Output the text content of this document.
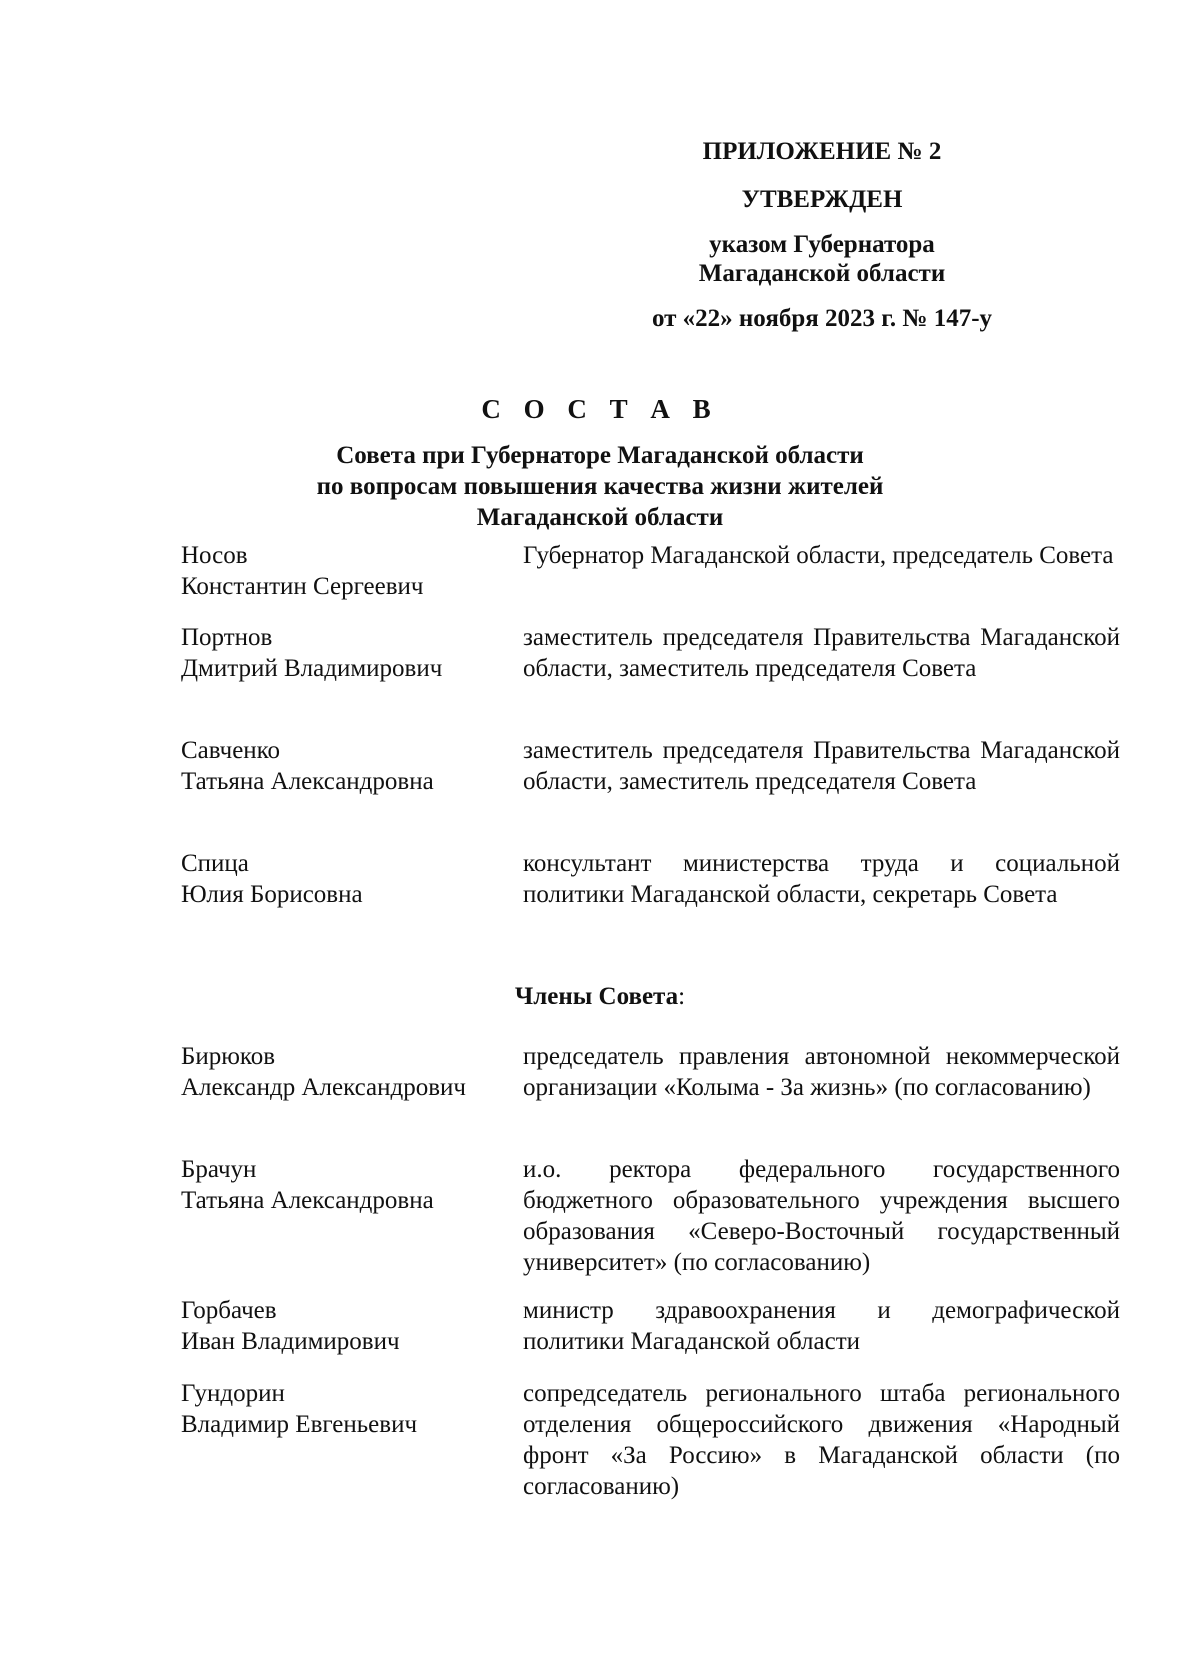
ПРИЛОЖЕНИЕ № 2
УТВЕРЖДЕН
указом Губернатора
Магаданской области
от «22» ноября 2023 г. № 147-у
С О С Т А В
Совета при Губернаторе Магаданской области
по вопросам повышения качества жизни жителей
Магаданской области
Носов
Константин Сергеевич
Губернатор Магаданской области, председатель Совета
Портнов
Дмитрий Владимирович
заместитель председателя Правительства Магаданской области, заместитель председателя Совета
Савченко
Татьяна Александровна
заместитель председателя Правительства Магаданской области, заместитель председателя Совета
Спица
Юлия Борисовна
консультант министерства труда и социальной политики Магаданской области, секретарь Совета
Члены Совета:
Бирюков
Александр Александрович
председатель правления автономной некоммерческой организации «Колыма - За жизнь» (по согласованию)
Брачун
Татьяна Александровна
и.о. ректора федерального государственного бюджетного образовательного учреждения высшего образования «Северо-Восточный государственный университет» (по согласованию)
Горбачев
Иван Владимирович
министр здравоохранения и демографической политики Магаданской области
Гундорин
Владимир Евгеньевич
сопредседатель регионального штаба регионального отделения общероссийского движения «Народный фронт «За Россию» в Магаданской области (по согласованию)
